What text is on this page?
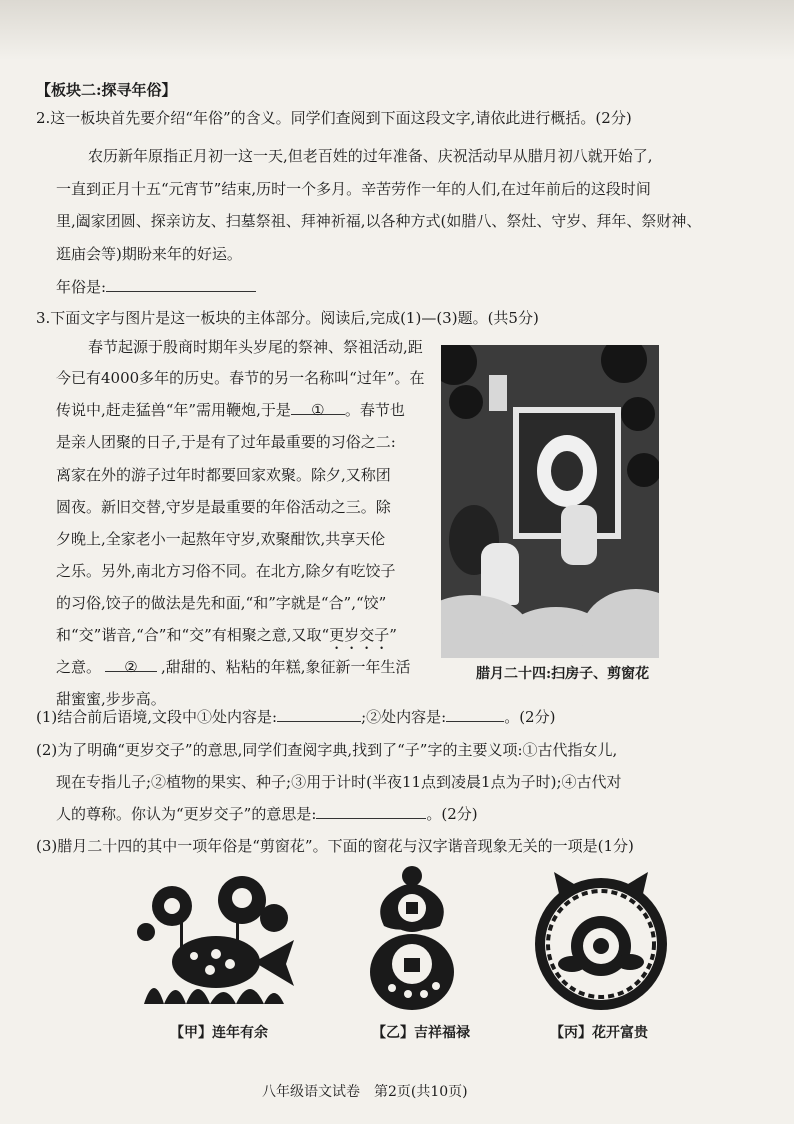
【板块二:探寻年俗】
2.这一板块首先要介绍“年俗”的含义。同学们查阅到下面这段文字,请依此进行概括。(2分)
农历新年原指正月初一这一天,但老百姓的过年准备、庆祝活动早从腊月初八就开始了,
一直到正月十五“元宵节”结束,历时一个多月。辛苦劳作一年的人们,在过年前后的这段时间
里,阖家团圆、探亲访友、扫墓祭祖、拜神祈福,以各种方式(如腊八、祭灶、守岁、拜年、祭财神、
逛庙会等)期盼来年的好运。
年俗是:
3.下面文字与图片是这一板块的主体部分。阅读后,完成(1)—(3)题。(共5分)
春节起源于殷商时期年头岁尾的祭神、祭祖活动,距
今已有4000多年的历史。春节的另一名称叫“过年”。在
传说中,赶走猛兽“年”需用鞭炮,于是 ① 。春节也
是亲人团聚的日子,于是有了过年最重要的习俗之二:
离家在外的游子过年时都要回家欢聚。除夕,又称团
圆夜。新旧交替,守岁是最重要的年俗活动之三。除
夕晚上,全家老小一起熬年守岁,欢聚酣饮,共享天伦
之乐。另外,南北方习俗不同。在北方,除夕有吃饺子
的习俗,饺子的做法是先和面,“和”字就是“合”,“饺”
和“交”谐音,“合”和“交”有相聚之意,又取“更岁交子”
之意。 ② ,甜甜的、粘粘的年糕,象征新一年生活
甜蜜蜜,步步高。
腊月二十四:扫房子、剪窗花
(1)结合前后语境,文段中①处内容是:	;②处内容是:	。(2分)
(2)为了明确“更岁交子”的意思,同学们查阅字典,找到了“子”字的主要义项:①古代指女儿,
现在专指儿子;②植物的果实、种子;③用于计时(半夜11点到凌晨1点为子时);④古代对
人的尊称。你认为“更岁交子”的意思是:	。(2分)
(3)腊月二十四的其中一项年俗是“剪窗花”。下面的窗花与汉字谐音现象无关的一项是(1分)
【甲】连年有余	【乙】吉祥福禄	【丙】花开富贵
八年级语文试卷　第2页(共10页)
